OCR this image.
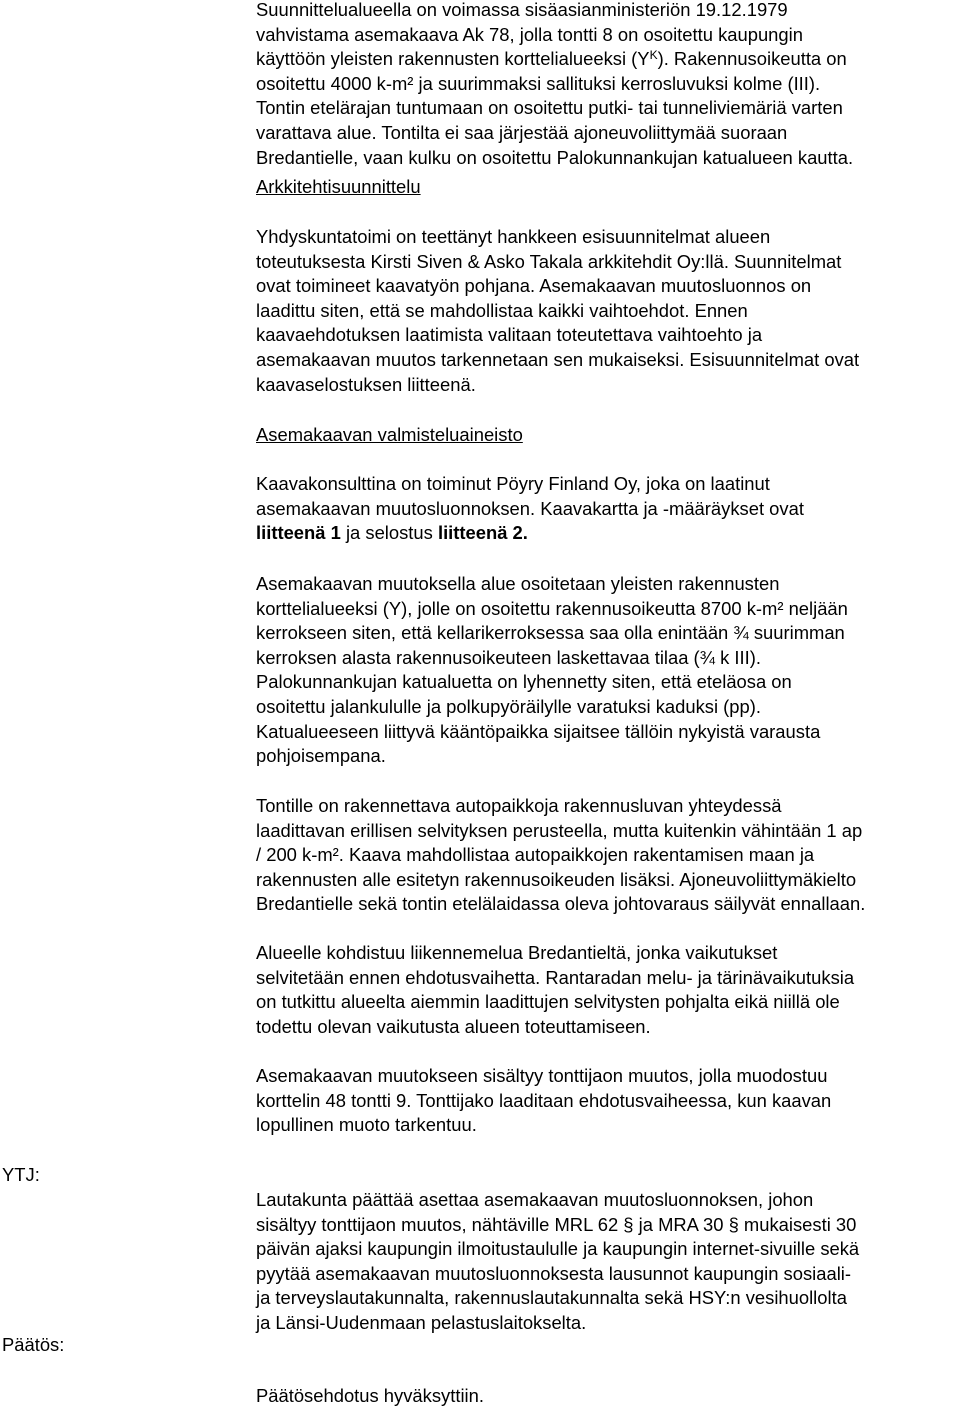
Suunnittelualueella on voimassa sisäasianministeriön 19.12.1979
vahvistama asemakaava Ak 78, jolla tontti 8 on osoitettu kaupungin
käyttöön yleisten rakennusten korttelialueeksi $(Y^K)$. Rakennusoikeutta on
osoitettu 4000 k-m² ja suurimmaksi sallituksi kerrosluvuksi kolme (III).
Tontin etelärajan tuntumaan on osoitettu putki- tai tunneliviemäriä varten
varattava alue. Tontilta ei saa järjestää ajoneuvoliittymää suoraan
Bredantielle, vaan kulku on osoitettu Palokunnankujan katualueen kautta.
Arkkitehtisuunnittelu
Yhdyskuntatoimi on teettänyt hankkeen esisuunnitelmat alueen
toteutuksesta Kirsti Siven & Asko Takala arkkitehdit Oy:llä. Suunnitelmat
ovat toimineet kaavatyön pohjana. Asemakaavan muutosluonnos on
laadittu siten, että se mahdollistaa kaikki vaihtoehdot. Ennen
kaavaehdotuksen laatimista valitaan toteutettava vaihtoehto ja
asemakaavan muutos tarkennetaan sen mukaiseksi. Esisuunnitelmat ovat
kaavaselostuksen liitteenä.
Asemakaavan valmisteluaineisto
Kaavakonsulttina on toiminut Pöyry Finland Oy, joka on laatinut
asemakaavan muutosluonnoksen. Kaavakartta ja -määräykset ovat
liitteenä 1 ja selostus liitteenä 2.
Asemakaavan muutoksella alue osoitetaan yleisten rakennusten
korttelialueeksi (Y), jolle on osoitettu rakennusoikeutta 8700 k-m² neljään
kerrokseen siten, että kellarikerroksessa saa olla enintään ¾ suurimman
kerroksen alasta rakennusoikeuteen laskettavaa tilaa (¾ k III).
Palokunnankujan katualuetta on lyhennetty siten, että eteläosa on
osoitettu jalankululle ja polkupyöräilylle varatuksi kaduksi (pp).
Katualueeseen liittyvä kääntöpaikka sijaitsee tällöin nykyistä varausta
pohjoisempana.
Tontille on rakennettava autopaikkoja rakennusluvan yhteydessä
laadittavan erillisen selvityksen perusteella, mutta kuitenkin vähintään 1 ap
/ 200 k-m². Kaava mahdollistaa autopaikkojen rakentamisen maan ja
rakennusten alle esitetyn rakennusoikeuden lisäksi. Ajoneuvoliittymäkielto
Bredantielle sekä tontin etelälaidassa oleva johtovaraus säilyvät ennallaan.
Alueelle kohdistuu liikennemelua Bredantieltä, jonka vaikutukset
selvitetään ennen ehdotusvaihetta. Rantaradan melu- ja tärinävaikutuksia
on tutkittu alueelta aiemmin laadittujen selvitysten pohjalta eikä niillä ole
todettu olevan vaikutusta alueen toteuttamiseen.
Asemakaavan muutokseen sisältyy tonttijaon muutos, jolla muodostuu
korttelin 48 tontti 9. Tonttijako laaditaan ehdotusvaiheessa, kun kaavan
lopullinen muoto tarkentuu.
YTJ:
Lautakunta päättää asettaa asemakaavan muutosluonnoksen, johon
sisältyy tonttijaon muutos, nähtäville MRL 62 § ja MRA 30 § mukaisesti 30
päivän ajaksi kaupungin ilmoitustaululle ja kaupungin internet-sivuille sekä
pyytää asemakaavan muutosluonnoksesta lausunnot kaupungin sosiaali-
ja terveyslautakunnalta, rakennuslautakunnalta sekä HSY:n vesihuollolta
ja Länsi-Uudenmaan pelastuslaitokselta.
Päätös:
Päätösehdotus hyväksyttiin.
